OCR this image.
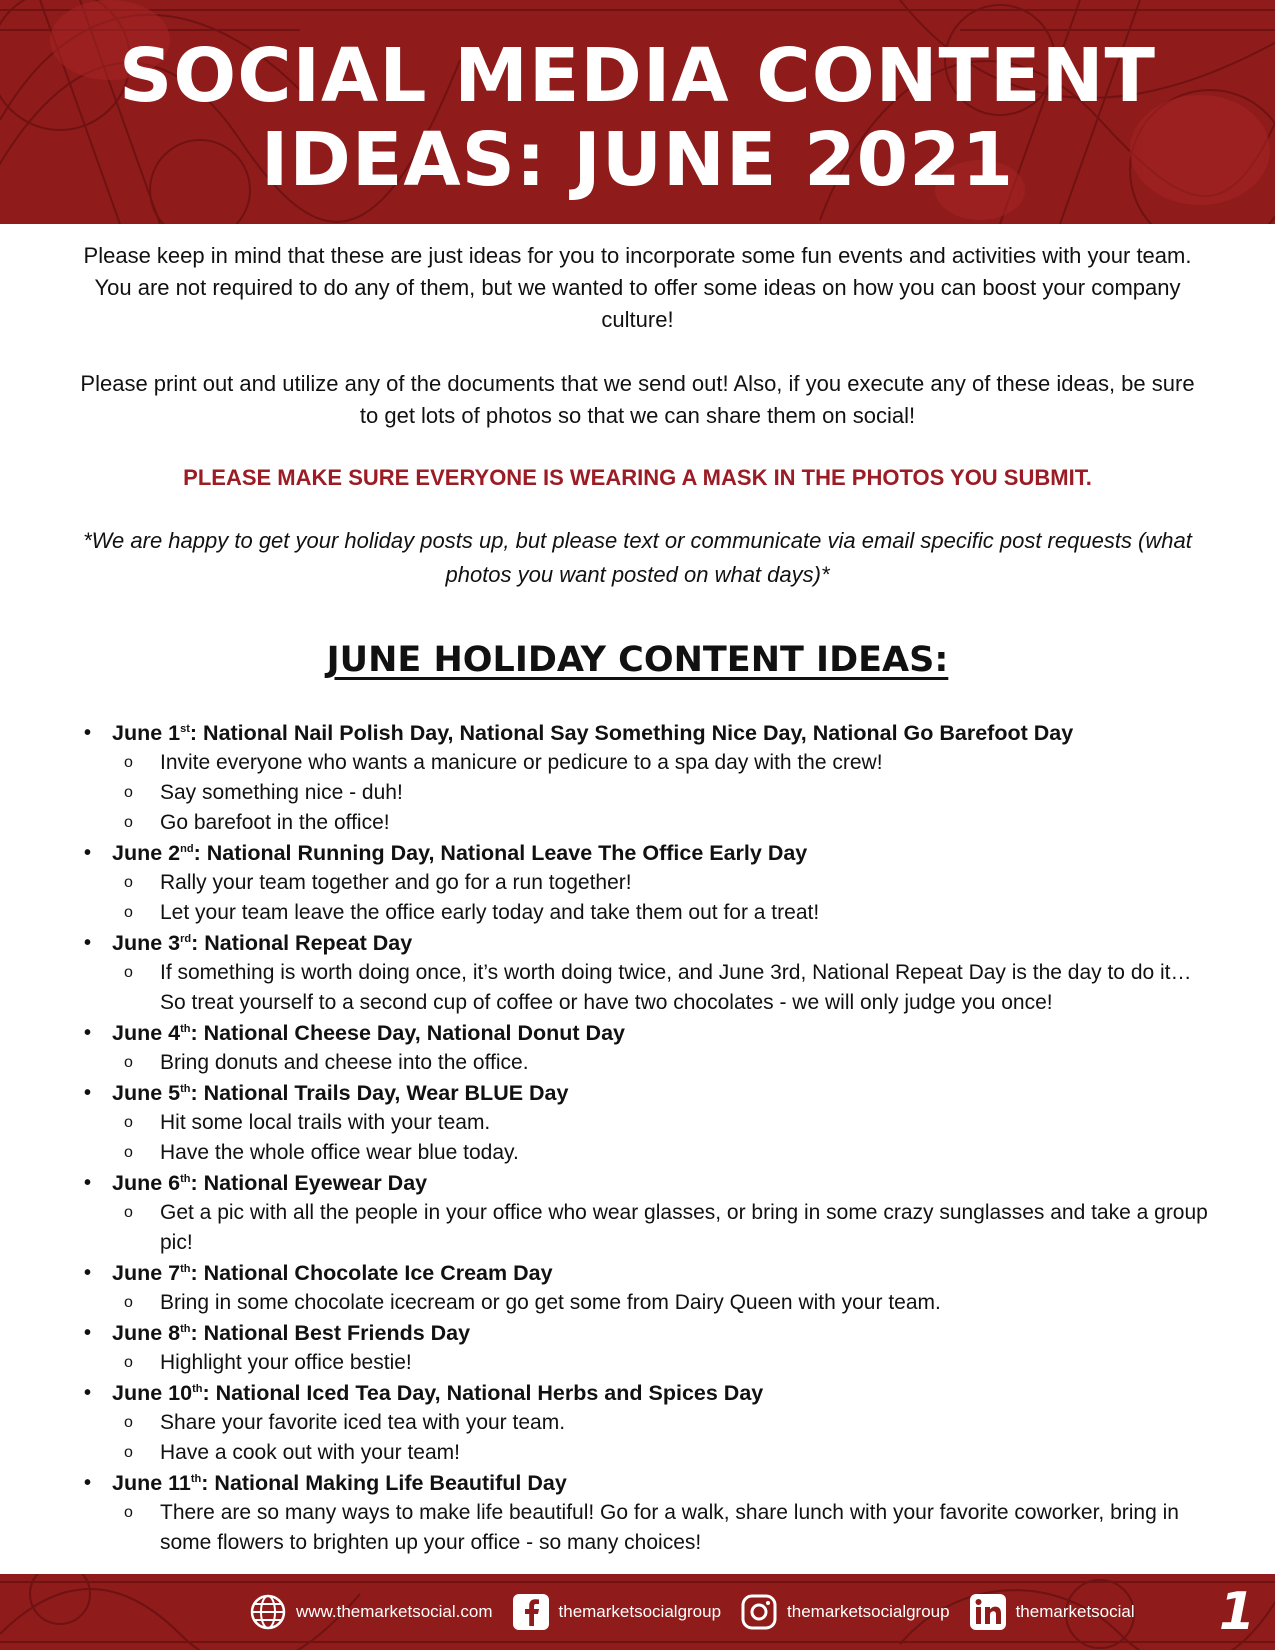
SOCIAL MEDIA CONTENT
IDEAS: JUNE 2021

Please keep in mind that these are just ideas for you to incorporate some fun events and activities with your team. You are not required to do any of them, but we wanted to offer some ideas on how you can boost your company culture!

Please print out and utilize any of the documents that we send out! Also, if you execute any of these ideas, be sure to get lots of photos so that we can share them on social!

PLEASE MAKE SURE EVERYONE IS WEARING A MASK IN THE PHOTOS YOU SUBMIT.

*We are happy to get your holiday posts up, but please text or communicate via email specific post requests (what photos you want posted on what days)*

JUNE HOLIDAY CONTENT IDEAS:
• June 1st: National Nail Polish Day, National Say Something Nice Day, National Go Barefoot Day
o Invite everyone who wants a manicure or pedicure to a spa day with the crew!
o Say something nice - duh!
o Go barefoot in the office!
• June 2nd: National Running Day, National Leave The Office Early Day
o Rally your team together and go for a run together!
o Let your team leave the office early today and take them out for a treat!
• June 3rd: National Repeat Day
o If something is worth doing once, it’s worth doing twice, and June 3rd, National Repeat Day is the day to do it… So treat yourself to a second cup of coffee or have two chocolates - we will only judge you once!
• June 4th: National Cheese Day, National Donut Day
o Bring donuts and cheese into the office.
• June 5th: National Trails Day, Wear BLUE Day
o Hit some local trails with your team.
o Have the whole office wear blue today.
• June 6th: National Eyewear Day
o Get a pic with all the people in your office who wear glasses, or bring in some crazy sunglasses and take a group pic!
• June 7th: National Chocolate Ice Cream Day
o Bring in some chocolate icecream or go get some from Dairy Queen with your team.
• June 8th: National Best Friends Day
o Highlight your office bestie!
• June 10th: National Iced Tea Day, National Herbs and Spices Day
o Share your favorite iced tea with your team.
o Have a cook out with your team!
• June 11th: National Making Life Beautiful Day
o There are so many ways to make life beautiful! Go for a walk, share lunch with your favorite coworker, bring in some flowers to brighten up your office - so many choices!
www.themarketsocial.com	themarketsocialgroup	themarketsocialgroup	themarketsocial 1
